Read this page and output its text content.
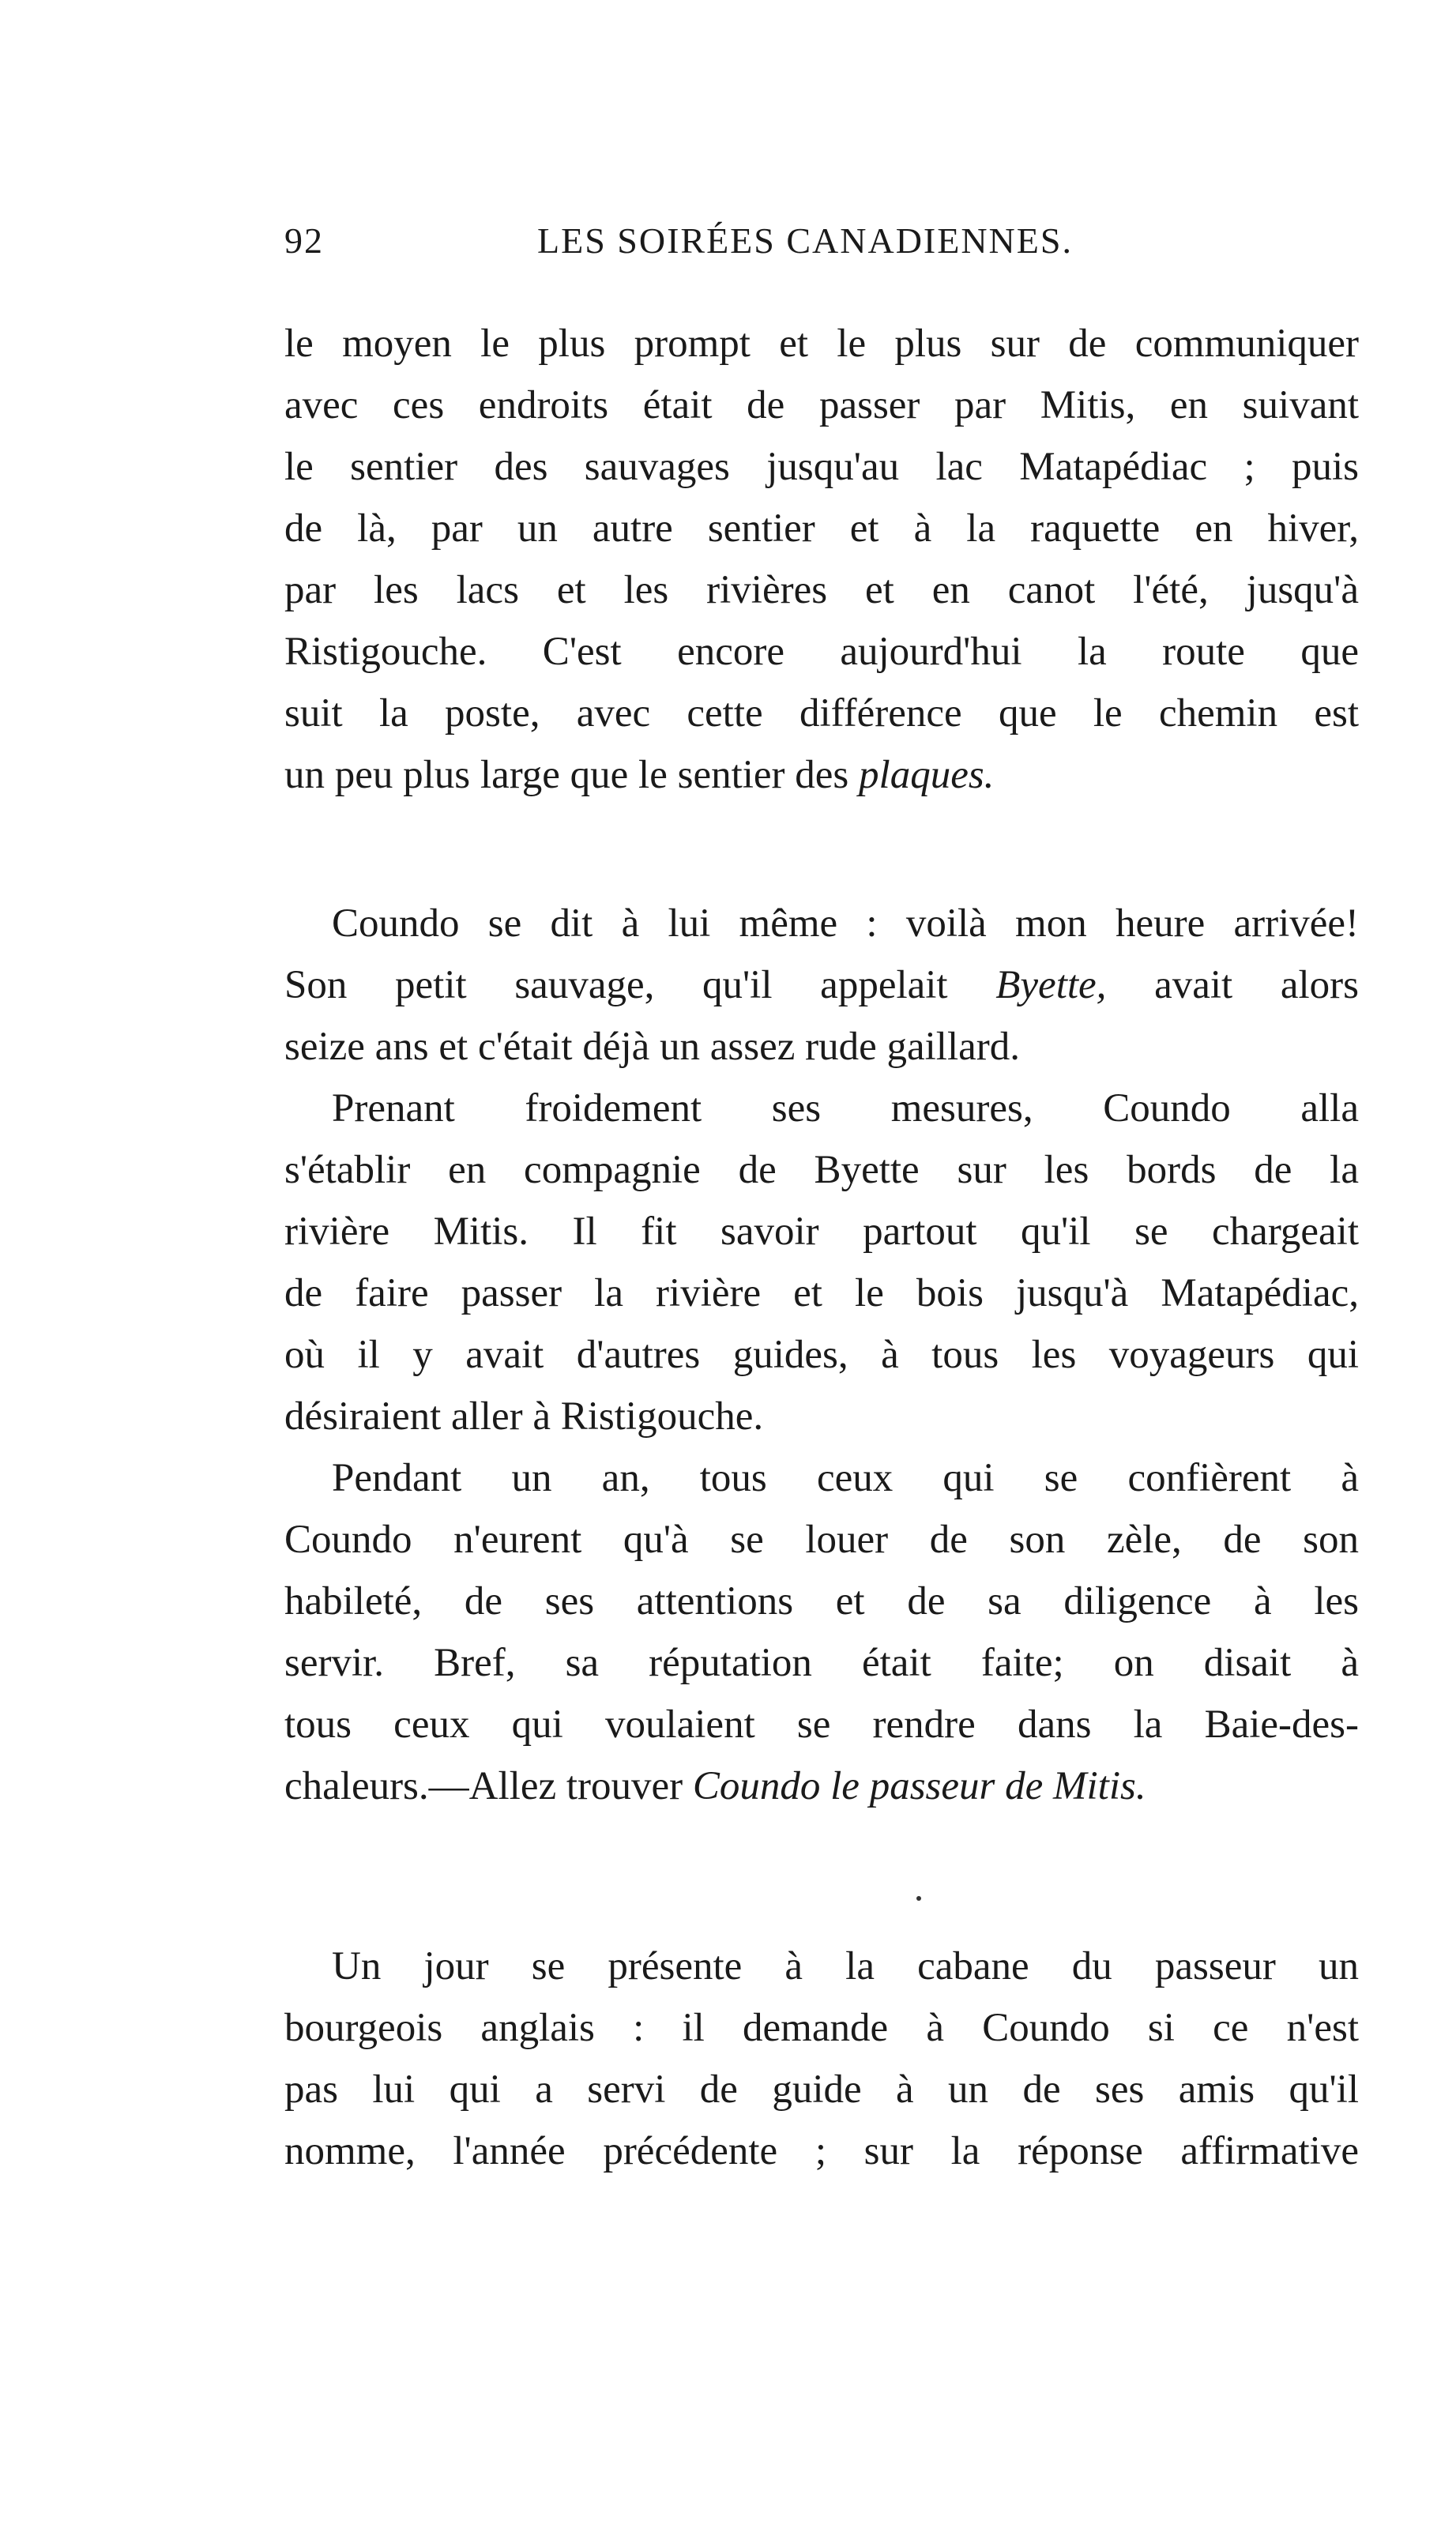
92	LES SOIRÉES CANADIENNES.
le moyen le plus prompt et le plus sur de communiquer
avec ces endroits était de passer par Mitis, en suivant
le sentier des sauvages jusqu'au lac Matapédiac ; puis
de là, par un autre sentier et à la raquette en hiver,
par les lacs et les rivières et en canot l'été, jusqu'à
Ristigouche. C'est encore aujourd'hui la route que
suit la poste, avec cette différence que le chemin est
un peu plus large que le sentier des plaques.
Coundo se dit à lui même : voilà mon heure arrivée!
Son petit sauvage, qu'il appelait Byette, avait alors
seize ans et c'était déjà un assez rude gaillard.
Prenant froidement ses mesures, Coundo alla
s'établir en compagnie de Byette sur les bords de la
rivière Mitis. Il fit savoir partout qu'il se chargeait
de faire passer la rivière et le bois jusqu'à Matapédiac,
où il y avait d'autres guides, à tous les voyageurs qui
désiraient aller à Ristigouche.
Pendant un an, tous ceux qui se confièrent à
Coundo n'eurent qu'à se louer de son zèle, de son
habileté, de ses attentions et de sa diligence à les
servir. Bref, sa réputation était faite; on disait à
tous ceux qui voulaient se rendre dans la Baie-des-
chaleurs.—Allez trouver Coundo le passeur de Mitis.
Un jour se présente à la cabane du passeur un
bourgeois anglais : il demande à Coundo si ce n'est
pas lui qui a servi de guide à un de ses amis qu'il
nomme, l'année précédente ; sur la réponse affirmative
